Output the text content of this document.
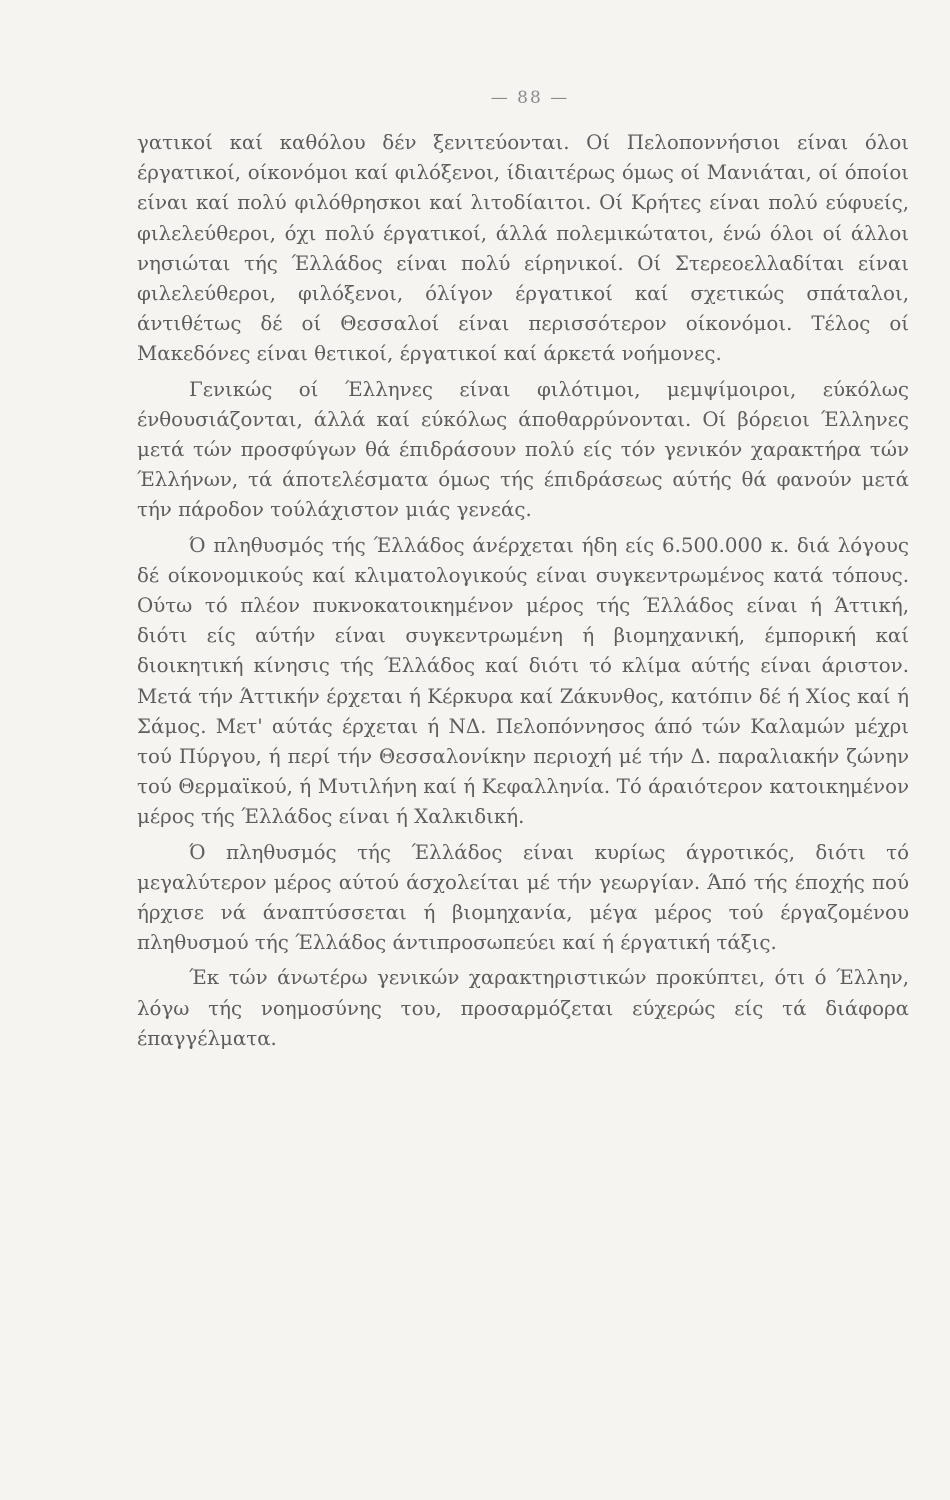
— 88 —

γατικοί καί καθόλου δέν ξενιτεύονται. Οί Πελοποννήσιοι είναι όλοι έργατικοί, οίκονόμοι καί φιλόξενοι, ίδιαιτέρως όμως οί Μανιάται, οί όποίοι είναι καί πολύ φιλόθρησκοι καί λιτοδίαιτοι. Οί Κρήτες είναι πολύ εύφυείς, φιλελεύθεροι, όχι πολύ έργατικοί, άλλά πολεμικώτατοι, ένώ όλοι οί άλλοι νησιώται τής Έλλάδος είναι πολύ είρηνικοί. Οί Στερεοελλαδίται είναι φιλελεύθεροι, φιλόξενοι, όλίγον έργατικοί καί σχετικώς σπάταλοι, άντιθέτως δέ οί Θεσσαλοί είναι περισσότερον οίκονόμοι. Τέλος οί Μακεδόνες είναι θετικοί, έργατικοί καί άρκετά νοήμονες.

Γενικώς οί Έλληνες είναι φιλότιμοι, μεμψίμοιροι, εύκόλως ένθουσιάζονται, άλλά καί εύκόλως άποθαρρύνονται. Οί βόρειοι Έλληνες μετά τών προσφύγων θά έπιδράσουν πολύ είς τόν γενικόν χαρακτήρα τών Έλλήνων, τά άποτελέσματα όμως τής έπιδράσεως αύτής θά φανούν μετά τήν πάροδον τούλάχιστον μιάς γενεάς.

Ό πληθυσμός τής Έλλάδος άνέρχεται ήδη είς 6.500.000 κ. διά λόγους δέ οίκονομικούς καί κλιματολογικούς είναι συγκεντρωμένος κατά τόπους. Ούτω τό πλέον πυκνοκατοικημένον μέρος τής Έλλάδος είναι ή Άττική, διότι είς αύτήν είναι συγκεντρωμένη ή βιομηχανική, έμπορική καί διοικητική κίνησις τής Έλλάδος καί διότι τό κλίμα αύτής είναι άριστον. Μετά τήν Άττικήν έρχεται ή Κέρκυρα καί Ζάκυνθος, κατόπιν δέ ή Χίος καί ή Σάμος. Μετ' αύτάς έρχεται ή ΝΔ. Πελοπόννησος άπό τών Καλαμών μέχρι τού Πύργου, ή περί τήν Θεσσαλονίκην περιοχή μέ τήν Δ. παραλιακήν ζώνην τού Θερμαϊκού, ή Μυτιλήνη καί ή Κεφαλληνία. Τό άραιότερον κατοικημένον μέρος τής Έλλάδος είναι ή Χαλκιδική.

Ό πληθυσμός τής Έλλάδος είναι κυρίως άγροτικός, διότι τό μεγαλύτερον μέρος αύτού άσχολείται μέ τήν γεωργίαν. Άπό τής έποχής πού ήρχισε νά άναπτύσσεται ή βιομηχανία, μέγα μέρος τού έργαζομένου πληθυσμού τής Έλλάδος άντιπροσωπεύει καί ή έργατική τάξις.

Έκ τών άνωτέρω γενικών χαρακτηριστικών προκύπτει, ότι ό Έλλην, λόγω τής νοημοσύνης του, προσαρμόζεται εύχερώς είς τά διάφορα έπαγγέλματα.
